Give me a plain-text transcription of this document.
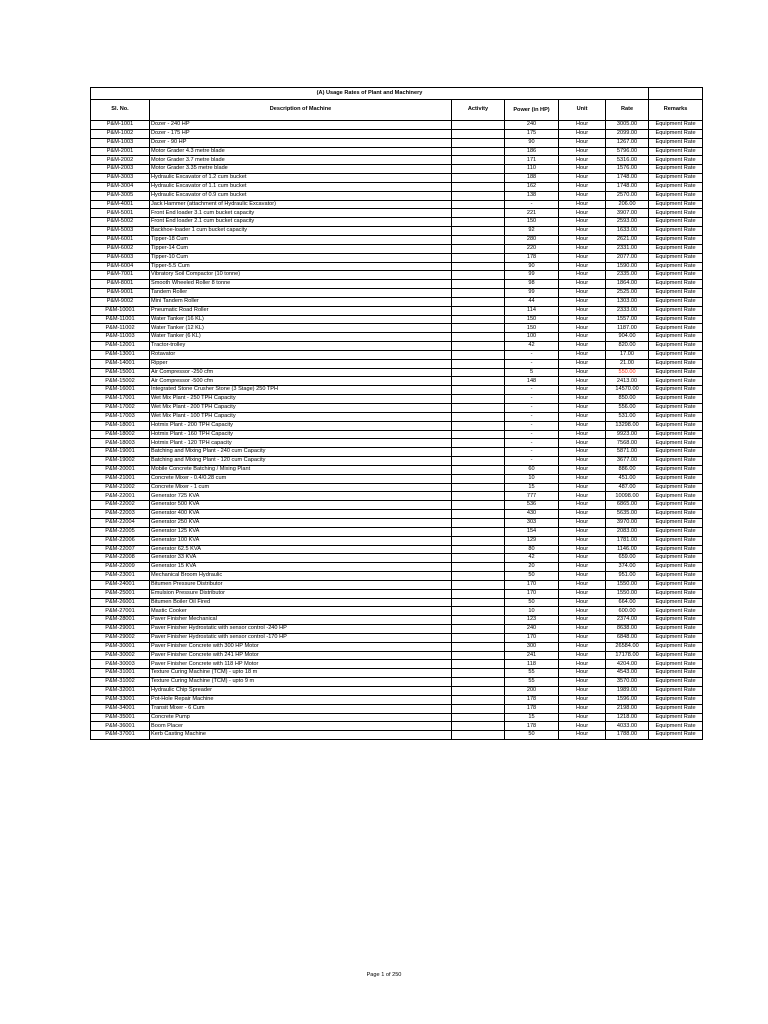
(A) Usage Rates of Plant and Machinery						
Sl. No.	Description of Machine	Activity	Power (in HP)	Unit	Rate	Remarks
P&M-1001	Dozer - 240 HP		240	Hour	3005.00	Equipment Rate
P&M-1002	Dozer - 175 HP		175	Hour	2099.00	Equipment Rate
P&M-1003	Dozer - 90 HP		90	Hour	1267.00	Equipment Rate
P&M-2001	Motor Grader 4.3 metre blade		186	Hour	5796.00	Equipment Rate
P&M-2002	Motor Grader 3.7 metre blade		171	Hour	5316.00	Equipment Rate
P&M-2003	Motor Grader 3.35 metre blade		110	Hour	1576.00	Equipment Rate
P&M-3003	Hydraulic Excavator of 1.2 cum bucket		188	Hour	1748.00	Equipment Rate
P&M-3004	Hydraulic Excavator of 1.1 cum bucket		162	Hour	1748.00	Equipment Rate
P&M-3005	Hydraulic Excavator of 0.9 cum bucket		138	Hour	2570.00	Equipment Rate
P&M-4001	Jack Hammer (attachment of Hydraulic Excavator)		-	Hour	206.00	Equipment Rate
P&M-5001	Front End loader 3.1 cum bucket capacity		221	Hour	3907.00	Equipment Rate
P&M-5002	Front End loader 2.1 cum bucket capacity		150	Hour	2593.00	Equipment Rate
P&M-5003	Backhoe-loader 1 cum bucket capacity		92	Hour	1633.00	Equipment Rate
P&M-6001	Tipper-18 Cum		280	Hour	2621.00	Equipment Rate
P&M-6002	Tipper-14 Cum		220	Hour	2331.00	Equipment Rate
P&M-6003	Tipper-10 Cum		178	Hour	2077.00	Equipment Rate
P&M-6004	Tipper-5.5 Cum		90	Hour	1590.00	Equipment Rate
P&M-7001	Vibratory Soil Compactor (10 tonne)		99	Hour	2335.00	Equipment Rate
P&M-8001	Smooth Wheeled Roller 8 tonne		98	Hour	1864.00	Equipment Rate
P&M-9001	Tandem Roller		99	Hour	2525.00	Equipment Rate
P&M-9002	Mini Tandem Roller		44	Hour	1303.00	Equipment Rate
P&M-10001	Pneumatic Road Roller		114	Hour	2333.00	Equipment Rate
P&M-11001	Water Tanker (16 KL)		150	Hour	1557.00	Equipment Rate
P&M-11002	Water Tanker (12 KL)		150	Hour	1187.00	Equipment Rate
P&M-11003	Water Tanker (6 KL)		100	Hour	904.00	Equipment Rate
P&M-12001	Tractor-trolley		42	Hour	820.00	Equipment Rate
P&M-13001	Rotavator		-	Hour	17.00	Equipment Rate
P&M-14001	Ripper		-	Hour	21.00	Equipment Rate
P&M-15001	Air Compressor -250 cfm		5	Hour	550.00	Equipment Rate
P&M-15002	Air Compressor -500 cfm		148	Hour	2413.00	Equipment Rate
P&M-16001	Integrated Stone Crusher Stone (3 Stage) 250 TPH		-	Hour	14570.00	Equipment Rate
P&M-17001	Wet Mix Plant - 250 TPH Capacity		-	Hour	850.00	Equipment Rate
P&M-17002	Wet Mix Plant - 200 TPH Capacity		-	Hour	556.00	Equipment Rate
P&M-17003	Wet Mix Plant - 100 TPH Capacity		-	Hour	531.00	Equipment Rate
P&M-18001	Hotmix Plant - 200 TPH Capacity		-	Hour	13298.00	Equipment Rate
P&M-18002	Hotmix Plant - 160 TPH Capacity		-	Hour	9923.00	Equipment Rate
P&M-18003	Hotmix Plant - 120 TPH capacity		-	Hour	7568.00	Equipment Rate
P&M-19001	Batching and Mixing Plant - 240 cum Capacity		-	Hour	5871.00	Equipment Rate
P&M-19002	Batching and Mixing Plant - 120 cum Capacity		-	Hour	3677.00	Equipment Rate
P&M-20001	Mobile Concrete Batching / Mixing Plant		60	Hour	886.00	Equipment Rate
P&M-21001	Concrete Mixer - 0.4/0.28 cum		10	Hour	451.00	Equipment Rate
P&M-21002	Concrete Mixer - 1 cum		15	Hour	487.00	Equipment Rate
P&M-22001	Generator 725 KVA		777	Hour	10098.00	Equipment Rate
P&M-22002	Generator 500 KVA		536	Hour	6865.00	Equipment Rate
P&M-22003	Generator 400 KVA		430	Hour	5635.00	Equipment Rate
P&M-22004	Generator 250 KVA		303	Hour	3970.00	Equipment Rate
P&M-22005	Generator 125 KVA		154	Hour	2083.00	Equipment Rate
P&M-22006	Generator 100 KVA		129	Hour	1781.00	Equipment Rate
P&M-22007	Generator 62.5 KVA		80	Hour	1146.00	Equipment Rate
P&M-22008	Generator 33 KVA		42	Hour	659.00	Equipment Rate
P&M-22009	Generator 15 KVA		20	Hour	374.00	Equipment Rate
P&M-23001	Mechanical Broom Hydraulic		50	Hour	951.00	Equipment Rate
P&M-24001	Bitumen Pressure Distributor		170	Hour	1550.00	Equipment Rate
P&M-25001	Emulsion Pressure Distributor		170	Hour	1550.00	Equipment Rate
P&M-26001	Bitumen Boiler Oil Fired		50	Hour	664.00	Equipment Rate
P&M-27001	Mastic Cooker		10	Hour	600.00	Equipment Rate
P&M-28001	Paver Finisher Mechanical		123	Hour	2374.00	Equipment Rate
P&M-29001	Paver Finisher Hydrostatic with sensor control -240 HP		240	Hour	8638.00	Equipment Rate
P&M-29002	Paver Finisher Hydrostatic with sensor control -170 HP		170	Hour	6848.00	Equipment Rate
P&M-30001	Paver Finisher Concrete with 300 HP Motor		300	Hour	26584.00	Equipment Rate
P&M-30002	Paver Finisher Concrete with 241 HP Motor		241	Hour	17178.00	Equipment Rate
P&M-30003	Paver Finisher Concrete with 118 HP Motor		118	Hour	4204.00	Equipment Rate
P&M-31001	Texture Curing Machine (TCM) - upto 18 m		55	Hour	4543.00	Equipment Rate
P&M-31002	Texture Curing Machine (TCM) - upto 9 m		55	Hour	3570.00	Equipment Rate
P&M-32001	Hydraulic Chip Spreader		200	Hour	1989.00	Equipment Rate
P&M-33001	Pot-Hole Repair Machine		178	Hour	1596.00	Equipment Rate
P&M-34001	Transit Mixer - 6 Cum		178	Hour	2198.00	Equipment Rate
P&M-35001	Concrete Pump		15	Hour	1218.00	Equipment Rate
P&M-36001	Boom Placer		178	Hour	4033.00	Equipment Rate
P&M-37001	Kerb Casting Machine		50	Hour	1788.00	Equipment Rate
Page 1 of 250
